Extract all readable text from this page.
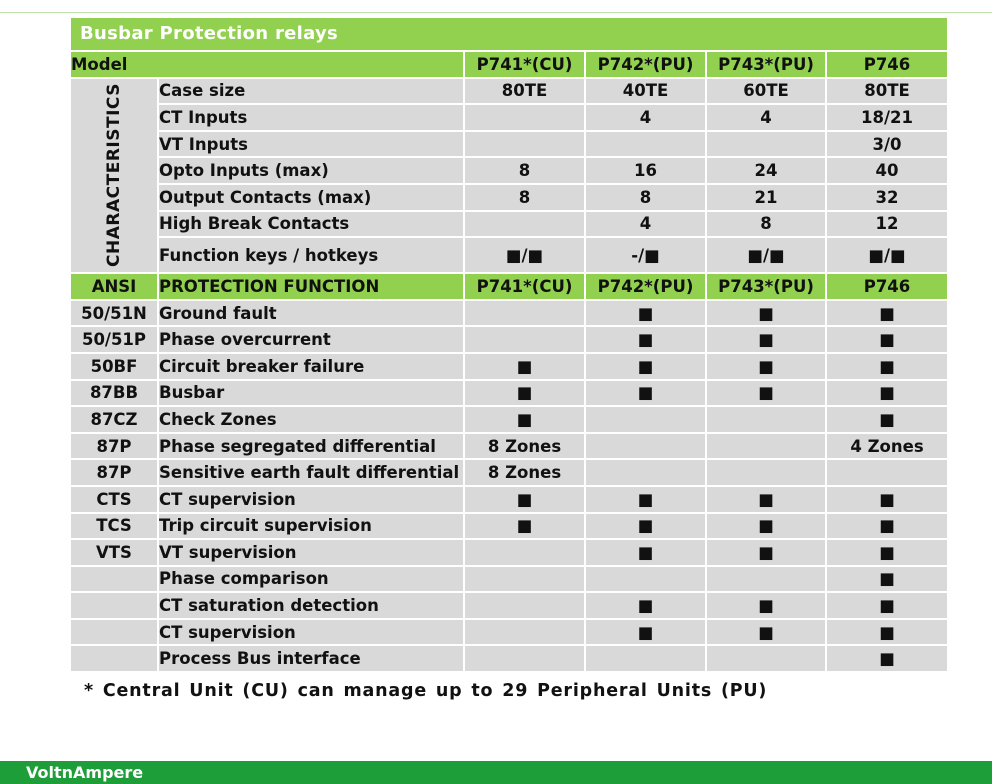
Busbar Protection relays
Model		P741*(CU)	P742*(PU)	P743*(PU)	P746

CHARACTERISTICS	Case size	80TE	40TE	60TE	80TE
	CT Inputs		4	4	18/21
	VT Inputs				3/0
	Opto Inputs (max)	8	16	24	40
	Output Contacts (max)	8	8	21	32
	High Break Contacts		4	8	12
	Function keys / hotkeys	■/■	-/■	■/■	■/■
ANSI	PROTECTION FUNCTION	P741*(CU)	P742*(PU)	P743*(PU)	P746
50/51N	Ground fault		■	■	■
50/51P	Phase overcurrent		■	■	■
50BF	Circuit breaker failure	■	■	■	■
87BB	Busbar	■	■	■	■
87CZ	Check Zones	■			■
87P	Phase segregated differential	8 Zones			4 Zones
87P	Sensitive earth fault differential	8 Zones			
CTS	CT supervision	■	■	■	■
TCS	Trip circuit supervision	■	■	■	■
VTS	VT supervision		■	■	■
	Phase comparison				■
	CT saturation detection		■	■	■
	CT supervision		■	■	■
	Process Bus interface				■
* Central Unit (CU) can manage up to 29 Peripheral Units (PU)
VoltnAmpere
